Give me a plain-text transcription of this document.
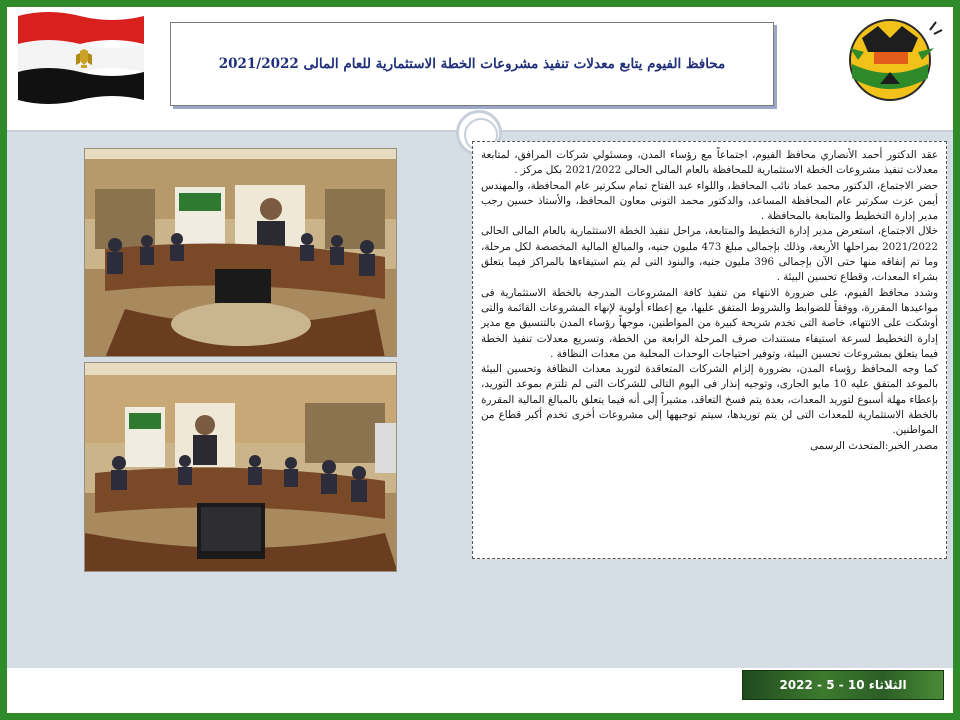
محافظ الفيوم يتابع معدلات تنفيذ مشروعات الخطة الاستثمارية للعام المالى 2021/2022

عقد الدكتور أحمد الأنصاري محافظ الفيوم، اجتماعاً مع رؤساء المدن، ومسئولي شركات المرافق، لمتابعة معدلات تنفيذ مشروعات الخطة الاستثمارية للمحافظة بالعام المالى الحالى 2021/2022 بكل مركز .

حضر الاجتماع، الدكتور محمد عماد نائب المحافظ، واللواء عبد الفتاح تمام سكرتير عام المحافظة، والمهندس أيمن عزت سكرتير عام المحافظة المساعد، والدكتور محمد التونى معاون المحافظ، والأستاذ حسين رجب مدير إدارة التخطيط والمتابعة بالمحافظة .

خلال الاجتماع، استعرض مدير إدارة التخطيط والمتابعة، مراحل تنفيذ الخطة الاستثمارية بالعام المالى الحالى 2021/2022 بمراحلها الأربعة، وذلك بإجمالى مبلغ 473 مليون جنيه، والمبالغ المالية المخصصة لكل مرحلة، وما تم إنفاقه منها حتى الآن بإجمالى 396 مليون جنيه، والبنود التى لم يتم استيفاءها بالمراكز فيما يتعلق بشراء المعدات، وقطاع تحسين البيئة .

وشدد محافظ الفيوم، على ضرورة الانتهاء من تنفيذ كافة المشروعات المدرجة بالخطة الاستثمارية فى مواعيدها المقررة، ووفقاً للضوابط والشروط المتفق عليها، مع إعطاء أولوية لإنهاء المشروعات القائمة والتى أوشكت على الانتهاء، خاصة التى تخدم شريحة كبيرة من المواطنين، موجهاً رؤساء المدن بالتنسيق مع مدير إدارة التخطيط لسرعة استيفاء مستندات صرف المرحلة الرابعة من الخطة، وتسريع معدلات تنفيذ الخطة فيما يتعلق بمشروعات تحسين البيئة، وتوفير احتياجات الوحدات المحلية من معدات النظافة .

كما وجه المحافظ رؤساء المدن، بضرورة إلزام الشركات المتعاقدة لتوريد معدات النظافة وتحسين البيئة بالموعد المتفق عليه 10 مايو الجارى، وتوجيه إنذار فى اليوم التالى للشركات التى لم تلتزم بموعد التوريد، بإعطاء مهلة أسبوع لتوريد المعدات، بعدة يتم فسخ التعاقد، مشيراً إلى أنه فيما يتعلق بالمبالغ المالية المقررة بالخطة الاستثمارية للمعدات التى لن يتم توريدها، سيتم توجيهها إلى مشروعات أخرى تخدم أكبر قطاع من المواطنين.

مصدر الخبر:المتحدث الرسمى

الثلاثاء 10 - 5 - 2022
